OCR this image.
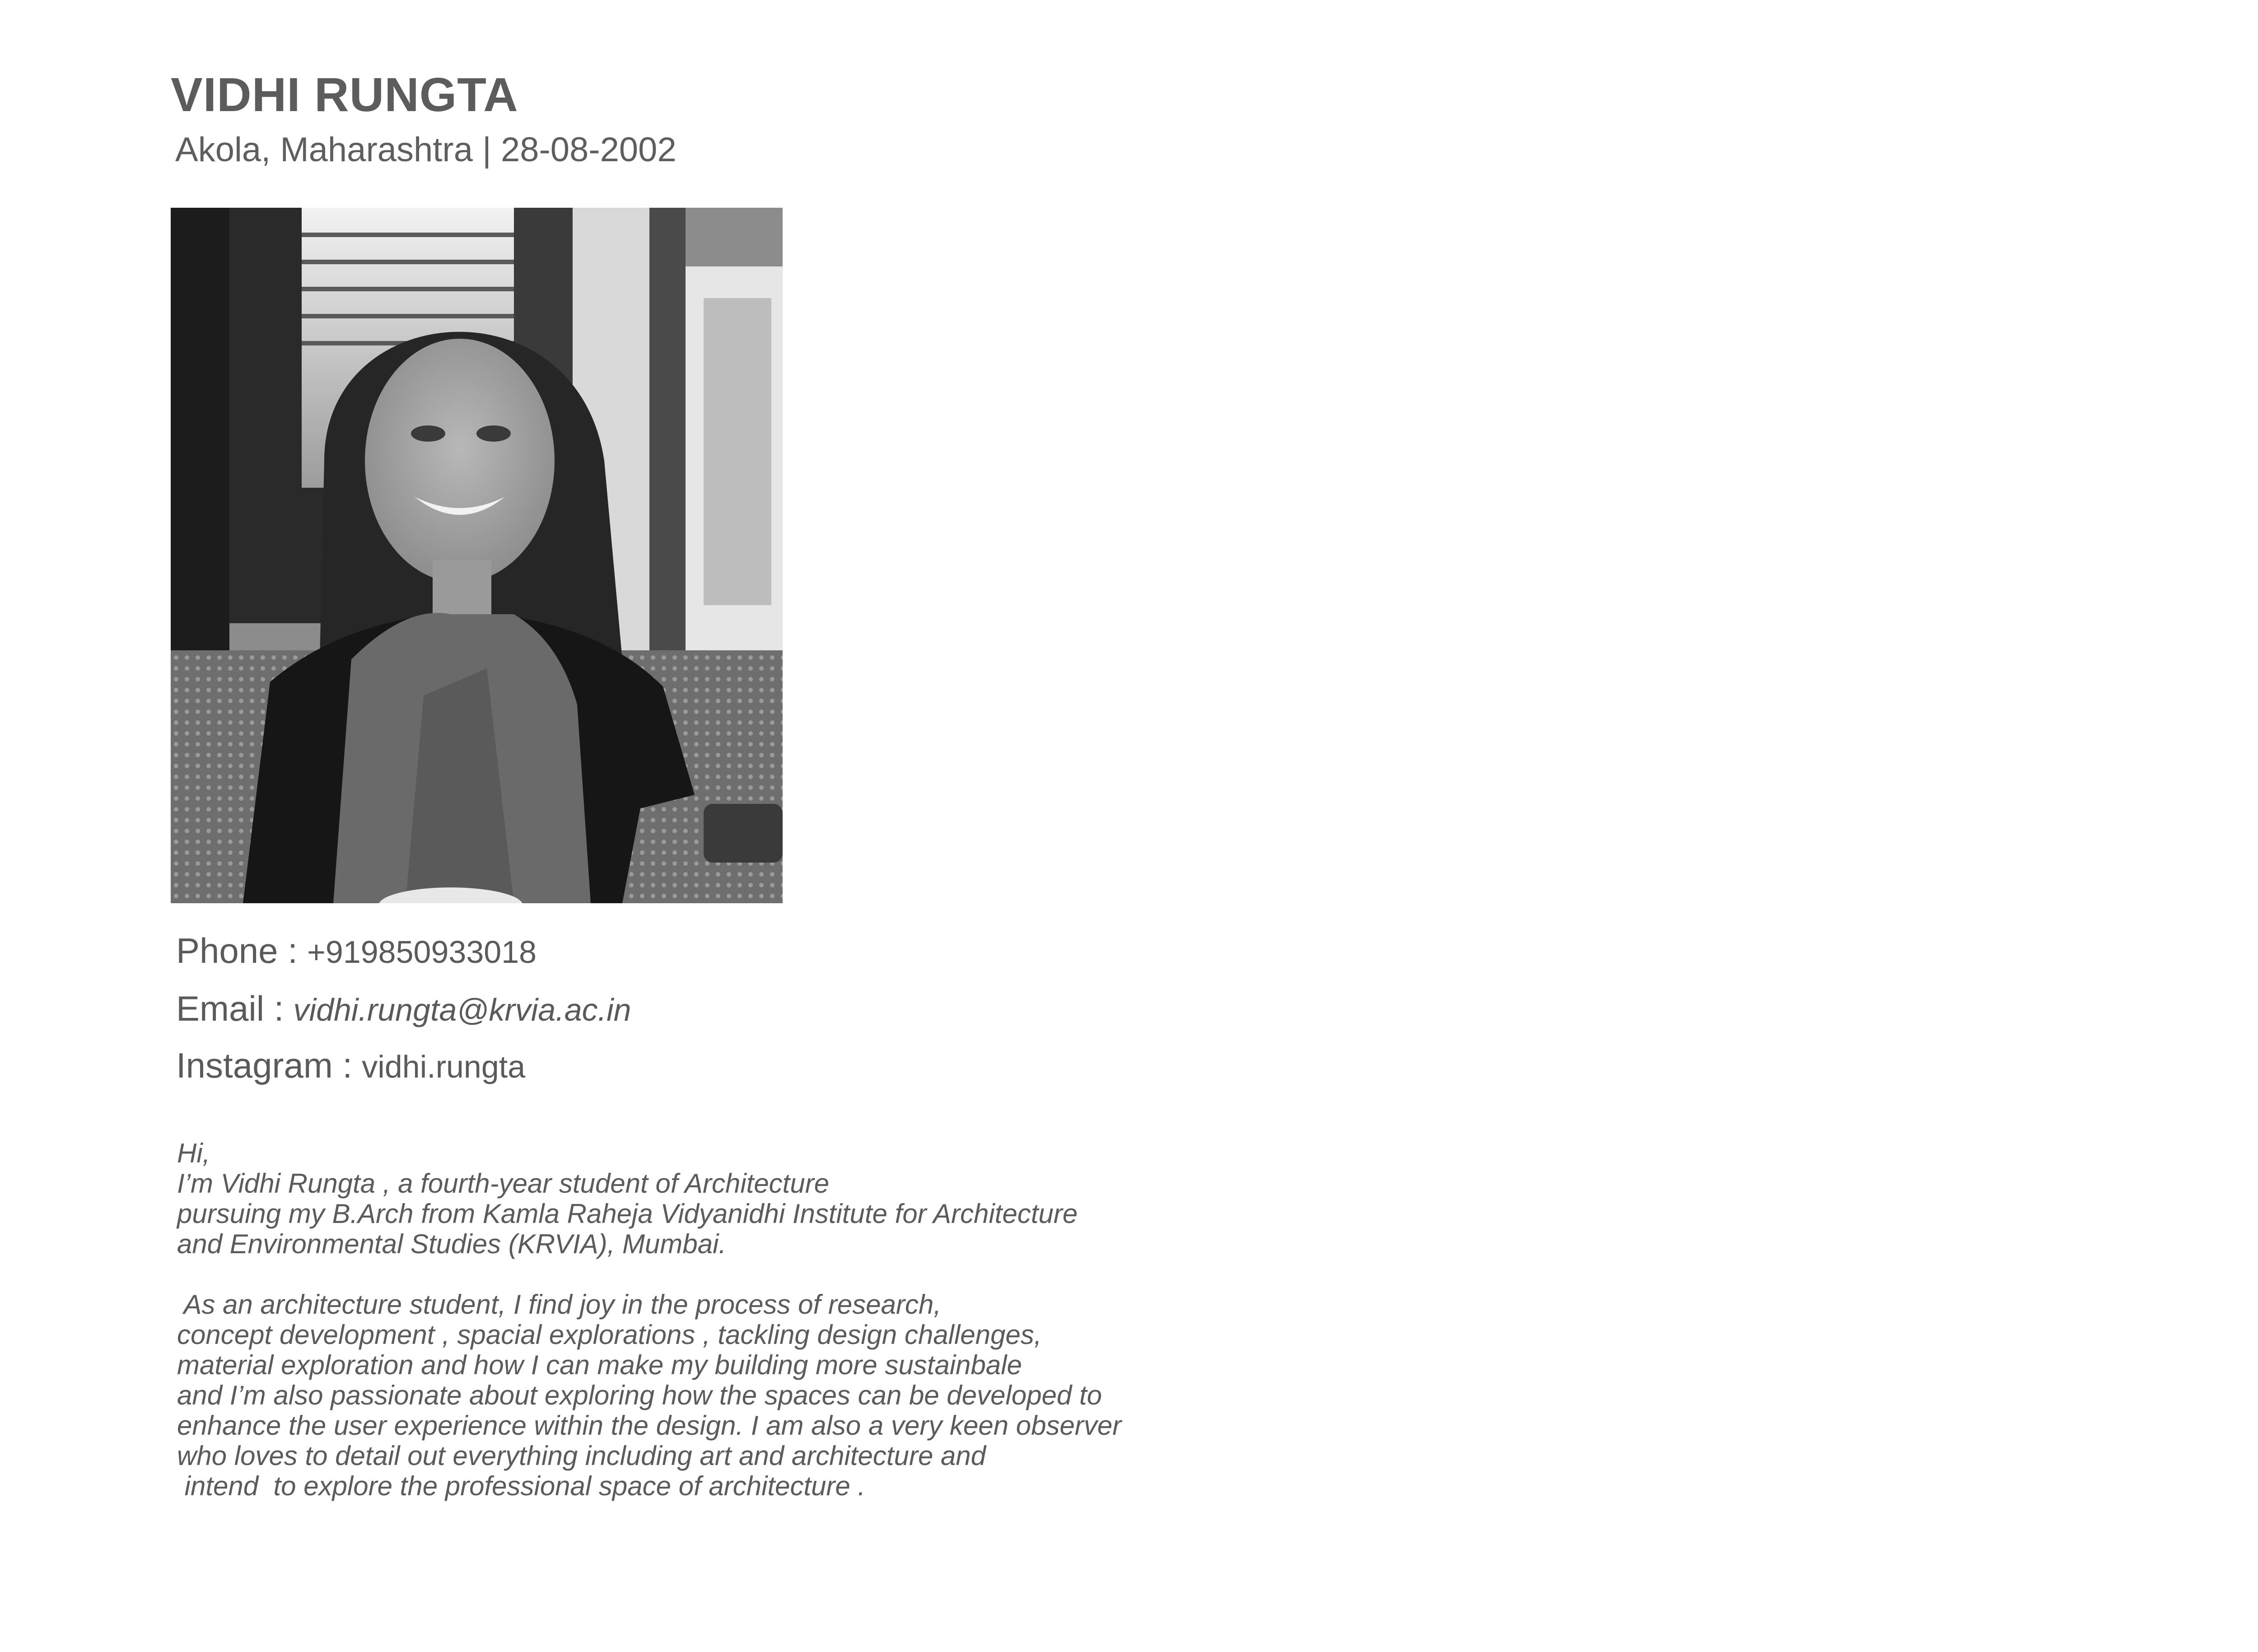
VIDHI RUNGTA
Akola, Maharashtra | 28-08-2002
Phone : +919850933018
Email : vidhi.rungta@krvia.ac.in
Instagram : vidhi.rungta
Hi,
I’m Vidhi Rungta , a fourth-year student of Architecture
pursuing my B.Arch from Kamla Raheja Vidyanidhi Institute for Architecture
and Environmental Studies (KRVIA), Mumbai.

As an architecture student, I find joy in the process of research,
concept development , spacial explorations , tackling design challenges,
material exploration and how I can make my building more sustainbale
and I’m also passionate about exploring how the spaces can be developed to
enhance the user experience within the design. I am also a very keen observer
who loves to detail out everything including art and architecture and
intend  to explore the professional space of architecture .
